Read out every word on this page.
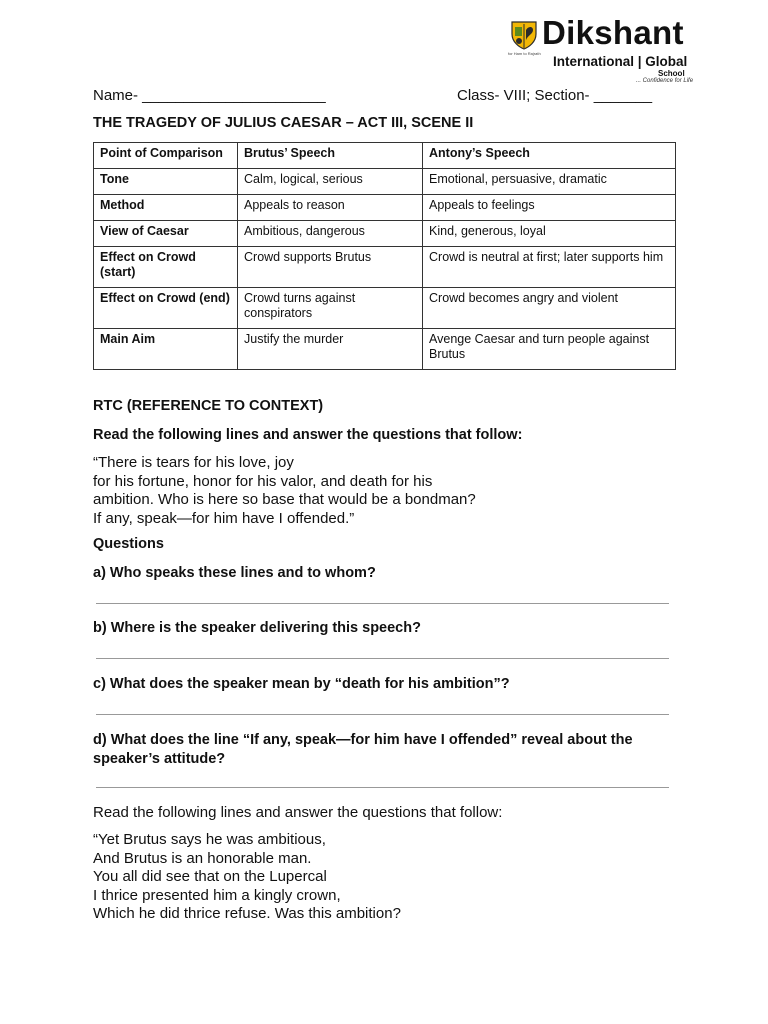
for Ham to Rajrath
Dikshant
International | Global
School
... Confidence for Life
Name- ______________________	Class- VIII; Section- _______
THE TRAGEDY OF JULIUS CAESAR – ACT III, SCENE II
Point of Comparison	Brutus’ Speech	Antony’s Speech
Tone	Calm, logical, serious	Emotional, persuasive, dramatic
Method	Appeals to reason	Appeals to feelings
View of Caesar	Ambitious, dangerous	Kind, generous, loyal
Effect on Crowd (start)	Crowd supports Brutus	Crowd is neutral at first; later supports him
Effect on Crowd (end)	Crowd turns against conspirators	Crowd becomes angry and violent
Main Aim	Justify the murder	Avenge Caesar and turn people against Brutus
RTC (REFERENCE TO CONTEXT)
Read the following lines and answer the questions that follow:
“There is tears for his love, joy
for his fortune, honor for his valor, and death for his
ambition. Who is here so base that would be a bondman?
If any, speak—for him have I offended.”
Questions
a) Who speaks these lines and to whom?
b) Where is the speaker delivering this speech?
c) What does the speaker mean by “death for his ambition”?
d) What does the line “If any, speak—for him have I offended” reveal about the speaker’s attitude?
Read the following lines and answer the questions that follow:
“Yet Brutus says he was ambitious,
And Brutus is an honorable man.
You all did see that on the Lupercal
I thrice presented him a kingly crown,
Which he did thrice refuse. Was this ambition?
